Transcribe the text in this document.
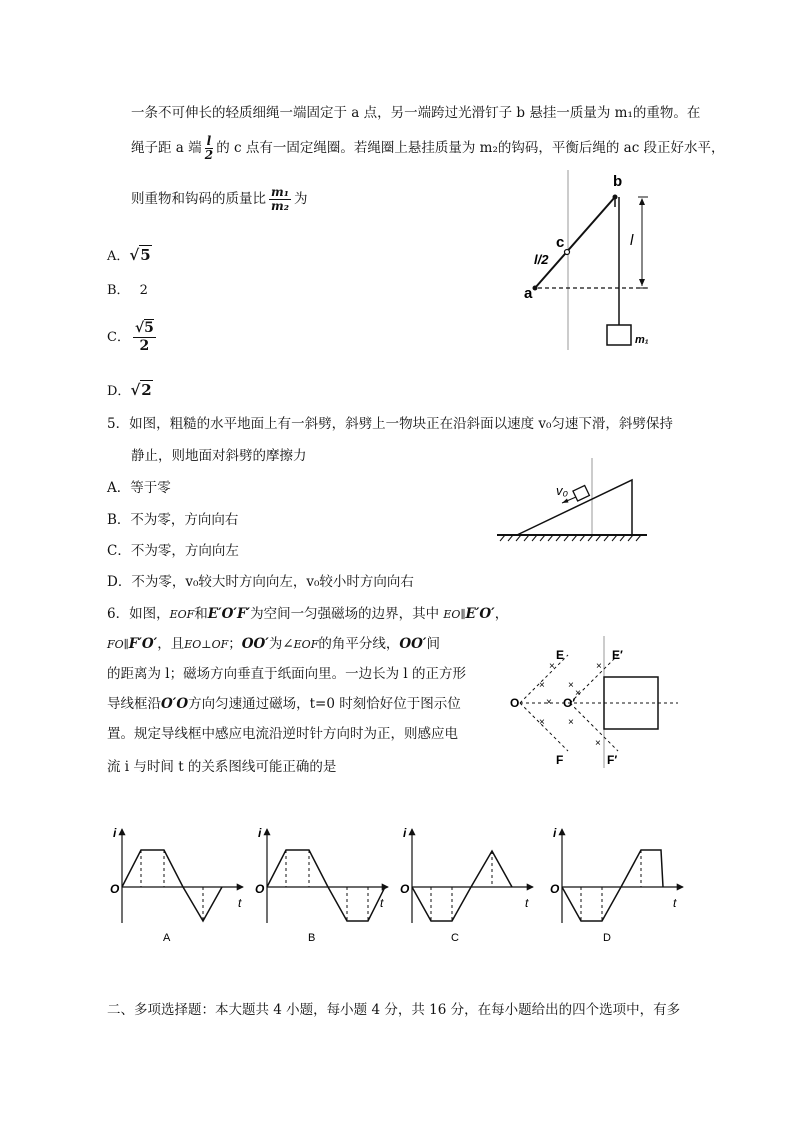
一条不可伸长的轻质细绳一端固定于 a 点，另一端跨过光滑钉子 b 悬挂一质量为 m₁的重物。在
绳子距 a 端 $\frac{l}{2}$ 的 c 点有一固定绳圈。若绳圈上悬挂质量为 m₂的钩码，平衡后绳的 ac 段正好水平，
则重物和钩码的质量比 $\frac{\text{m₁}}{\text{m₂}}$ 为
A．√5
B． 2
C． $\frac{√5}{2}$
D．√2
b
c
a
l/2
l
m₁
5．如图，粗糙的水平地面上有一斜劈，斜劈上一物块正在沿斜面以速度 v₀匀速下滑，斜劈保持
静止，则地面对斜劈的摩擦力
A．等于零
B．不为零，方向向右
C．不为零，方向向左
D．不为零，v₀较大时方向向左，v₀较小时方向向右
v₀
6．如图，EOF和E′O′F′为空间一匀强磁场的边界，其中 EO∥E′O′，
FO∥F′O′，且EO⊥OF；OO′为∠EOF的角平分线，OO′间
的距离为 l；磁场方向垂直于纸面向里。一边长为 l 的正方形
导线框沿O′O方向匀速通过磁场，t=0 时刻恰好位于图示位
置。规定导线框中感应电流沿逆时针方向时为正，则感应电
流 i 与时间 t 的关系图线可能正确的是
×	×
× ×
×
×
× ×
×
E	E′
O	O′
F	F′
i
t
O
A
i
t
O
B
i
t
O
C
i
t
O
D
二、多项选择题：本大题共 4 小题，每小题 4 分，共 16 分，在每小题给出的四个选项中，有多
